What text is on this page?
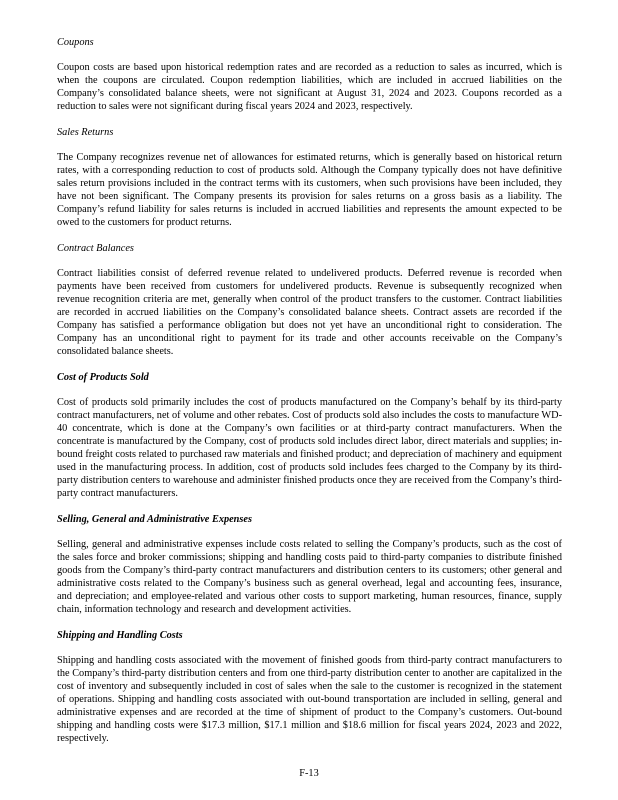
Coupons

Coupon costs are based upon historical redemption rates and are recorded as a reduction to sales as incurred, which is when the coupons are circulated. Coupon redemption liabilities, which are included in accrued liabilities on the Company’s consolidated balance sheets, were not significant at August 31, 2024 and 2023. Coupons recorded as a reduction to sales were not significant during fiscal years 2024 and 2023, respectively.

Sales Returns

The Company recognizes revenue net of allowances for estimated returns, which is generally based on historical return rates, with a corresponding reduction to cost of products sold. Although the Company typically does not have definitive sales return provisions included in the contract terms with its customers, when such provisions have been included, they have not been significant. The Company presents its provision for sales returns on a gross basis as a liability. The Company’s refund liability for sales returns is included in accrued liabilities and represents the amount expected to be owed to the customers for product returns.

Contract Balances

Contract liabilities consist of deferred revenue related to undelivered products. Deferred revenue is recorded when payments have been received from customers for undelivered products. Revenue is subsequently recognized when revenue recognition criteria are met, generally when control of the product transfers to the customer. Contract liabilities are recorded in accrued liabilities on the Company’s consolidated balance sheets. Contract assets are recorded if the Company has satisfied a performance obligation but does not yet have an unconditional right to consideration. The Company has an unconditional right to payment for its trade and other accounts receivable on the Company’s consolidated balance sheets.

Cost of Products Sold

Cost of products sold primarily includes the cost of products manufactured on the Company’s behalf by its third-party contract manufacturers, net of volume and other rebates. Cost of products sold also includes the costs to manufacture WD-40 concentrate, which is done at the Company’s own facilities or at third-party contract manufacturers. When the concentrate is manufactured by the Company, cost of products sold includes direct labor, direct materials and supplies; in-bound freight costs related to purchased raw materials and finished product; and depreciation of machinery and equipment used in the manufacturing process. In addition, cost of products sold includes fees charged to the Company by its third-party distribution centers to warehouse and administer finished products once they are received from the Company’s third-party contract manufacturers.

Selling, General and Administrative Expenses

Selling, general and administrative expenses include costs related to selling the Company’s products, such as the cost of the sales force and broker commissions; shipping and handling costs paid to third-party companies to distribute finished goods from the Company’s third-party contract manufacturers and distribution centers to its customers; other general and administrative costs related to the Company’s business such as general overhead, legal and accounting fees, insurance, and depreciation; and employee-related and various other costs to support marketing, human resources, finance, supply chain, information technology and research and development activities.

Shipping and Handling Costs

Shipping and handling costs associated with the movement of finished goods from third-party contract manufacturers to the Company’s third-party distribution centers and from one third-party distribution center to another are capitalized in the cost of inventory and subsequently included in cost of sales when the sale to the customer is recognized in the statement of operations. Shipping and handling costs associated with out-bound transportation are included in selling, general and administrative expenses and are recorded at the time of shipment of product to the Company’s customers. Out-bound shipping and handling costs were $17.3 million, $17.1 million and $18.6 million for fiscal years 2024, 2023 and 2022, respectively.

F-13
